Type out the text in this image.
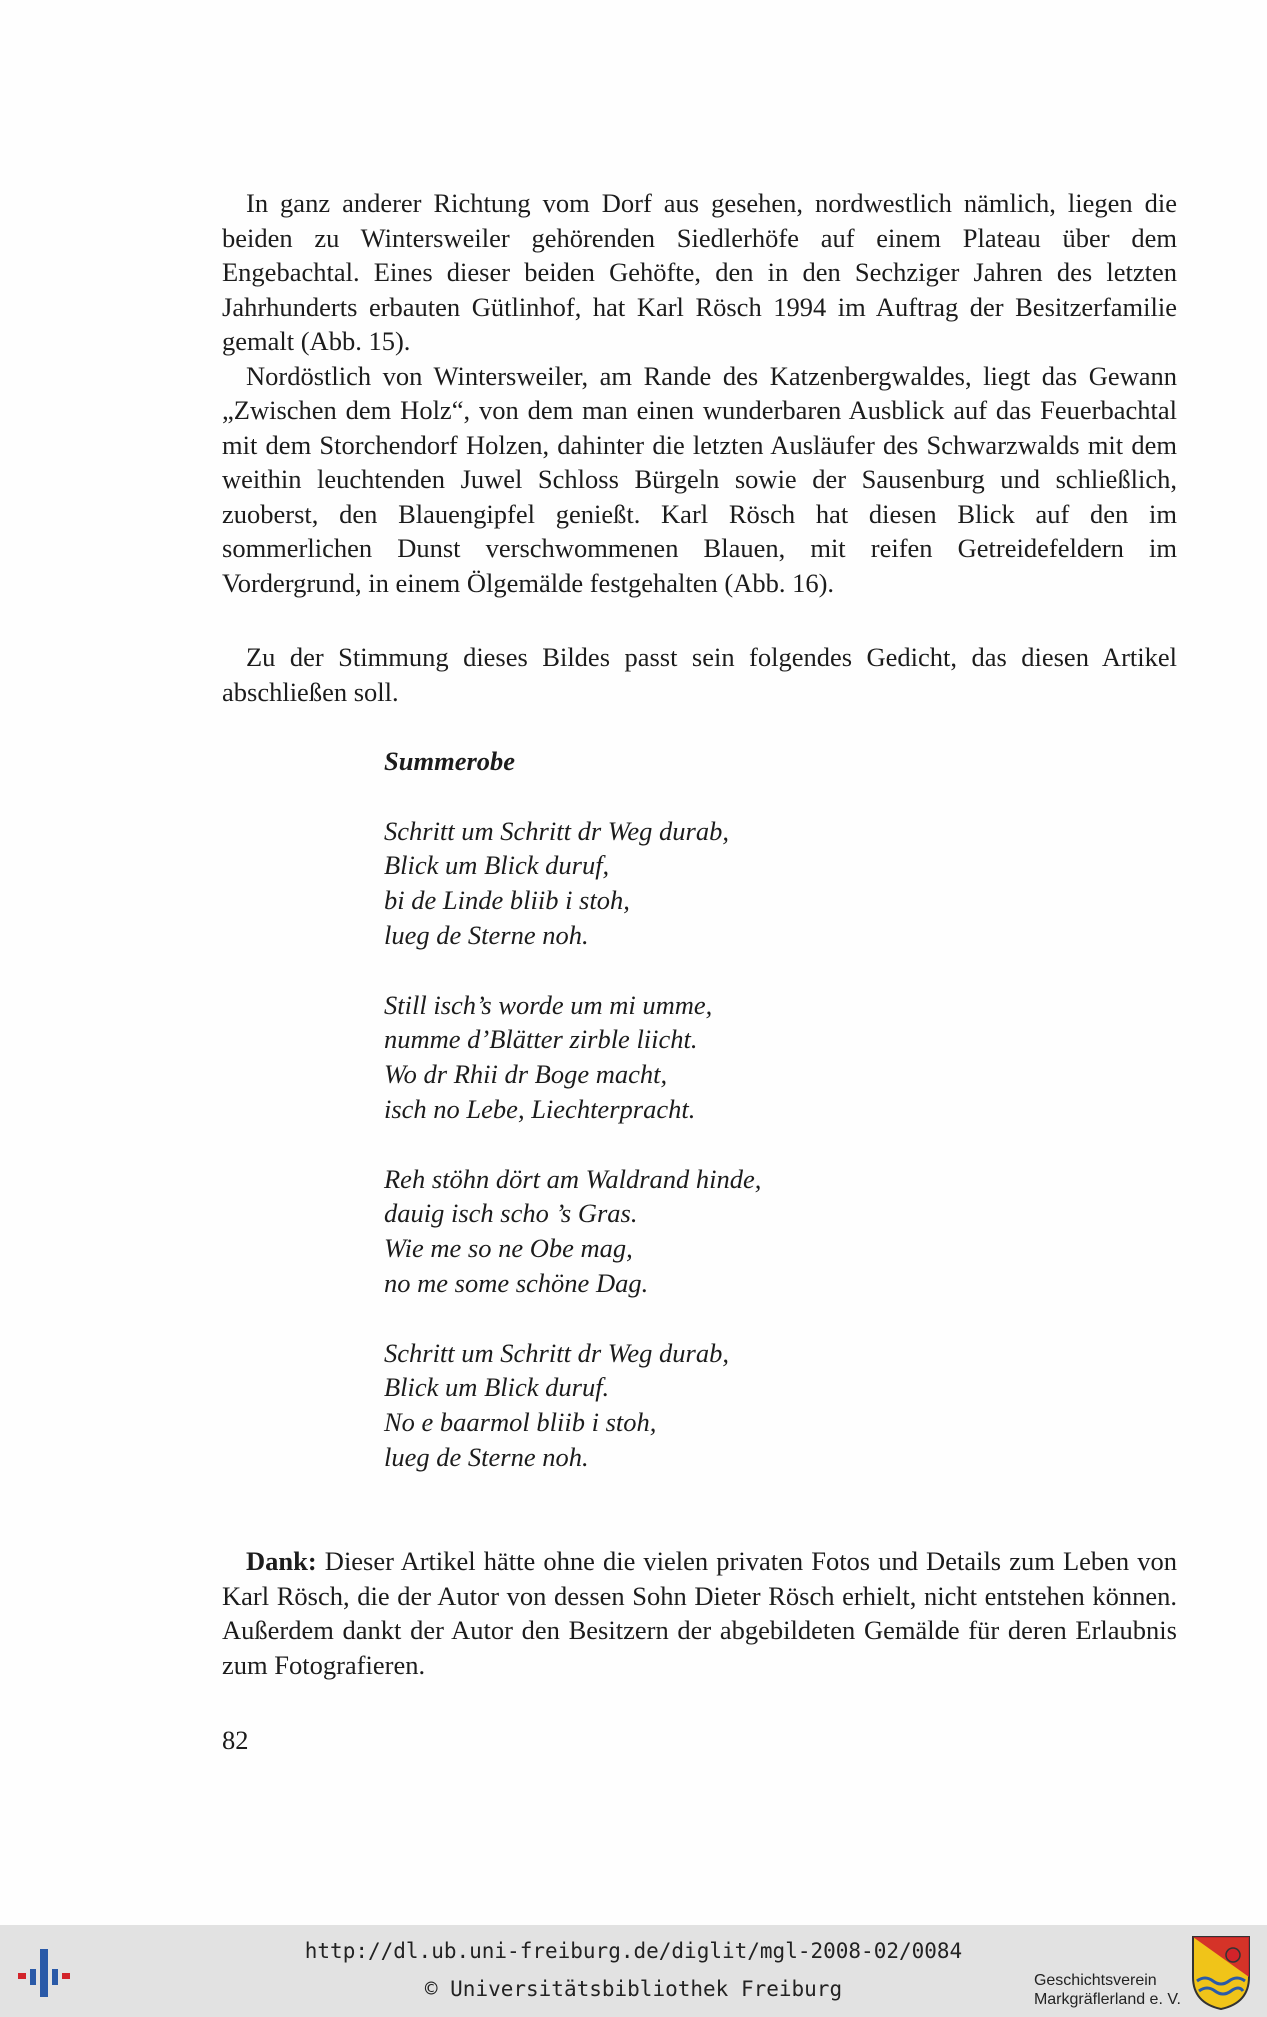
In ganz anderer Richtung vom Dorf aus gesehen, nordwestlich nämlich, liegen die beiden zu Wintersweiler gehörenden Siedlerhöfe auf einem Plateau über dem Engebachtal. Eines dieser beiden Gehöfte, den in den Sechziger Jahren des letzten Jahrhunderts erbauten Gütlinhof, hat Karl Rösch 1994 im Auftrag der Besitzerfamilie gemalt (Abb. 15).

Nordöstlich von Wintersweiler, am Rande des Katzenbergwaldes, liegt das Gewann „Zwischen dem Holz“, von dem man einen wunderbaren Ausblick auf das Feuerbachtal mit dem Storchendorf Holzen, dahinter die letzten Ausläufer des Schwarzwalds mit dem weithin leuchtenden Juwel Schloss Bürgeln sowie der Sausenburg und schließlich, zuoberst, den Blauengipfel genießt. Karl Rösch hat diesen Blick auf den im sommerlichen Dunst verschwommenen Blauen, mit reifen Getreidefeldern im Vordergrund, in einem Ölgemälde festgehalten (Abb. 16).

Zu der Stimmung dieses Bildes passt sein folgendes Gedicht, das diesen Artikel abschließen soll.

Summerobe
Schritt um Schritt dr Weg durab,
Blick um Blick duruf,
bi de Linde bliib i stoh,
lueg de Sterne noh.
Still isch’s worde um mi umme,
numme d’Blätter zirble liicht.
Wo dr Rhii dr Boge macht,
isch no Lebe, Liechterpracht.
Reh stöhn dört am Waldrand hinde,
dauig isch scho ’s Gras.
Wie me so ne Obe mag,
no me some schöne Dag.
Schritt um Schritt dr Weg durab,
Blick um Blick duruf.
No e baarmol bliib i stoh,
lueg de Sterne noh.

Dank: Dieser Artikel hätte ohne die vielen privaten Fotos und Details zum Leben von Karl Rösch, die der Autor von dessen Sohn Dieter Rösch erhielt, nicht entstehen können. Außerdem dankt der Autor den Besitzern der abgebildeten Gemälde für deren Erlaubnis zum Fotografieren.

82
http://dl.ub.uni-freiburg.de/diglit/mgl-2008-02/0084
© Universitätsbibliothek Freiburg	Geschichtsverein
Markgräflerland e. V.
